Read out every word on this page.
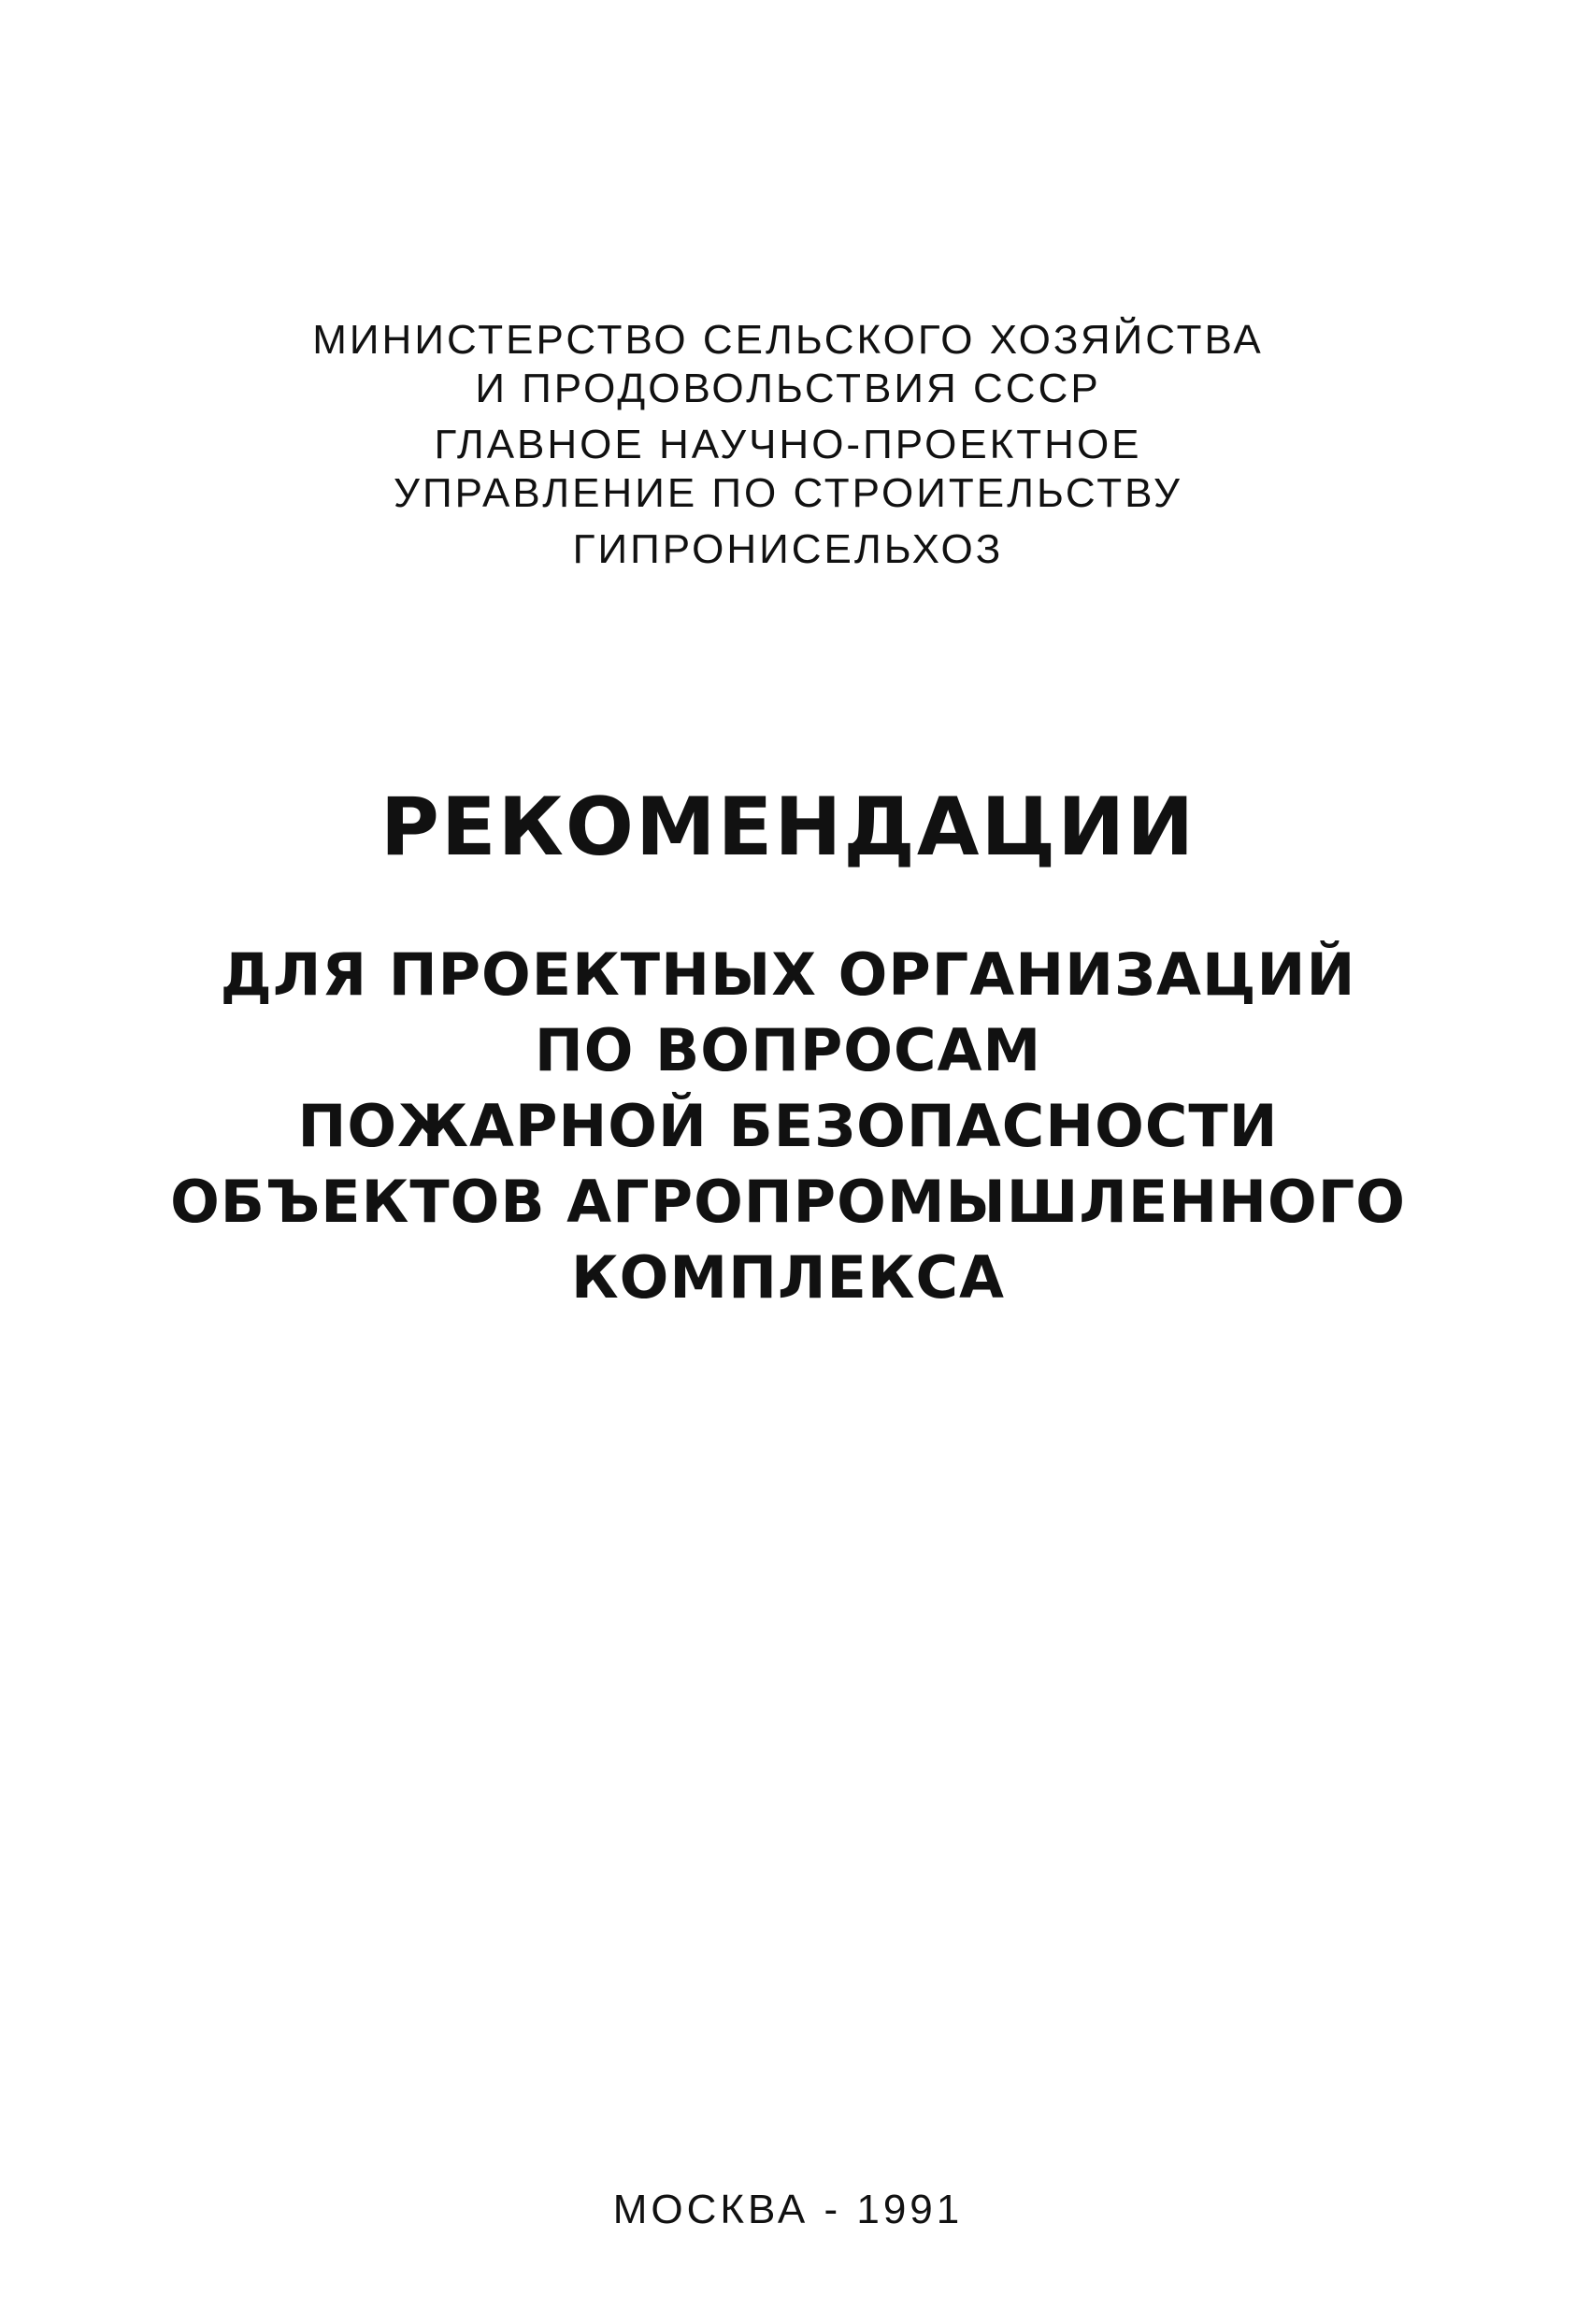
МИНИСТЕРСТВО СЕЛЬСКОГО ХОЗЯЙСТВА
И ПРОДОВОЛЬСТВИЯ СССР
ГЛАВНОЕ НАУЧНО-ПРОЕКТНОЕ
УПРАВЛЕНИЕ ПО СТРОИТЕЛЬСТВУ
ГИПРОНИСЕЛЬХОЗ
РЕКОМЕНДАЦИИ
ДЛЯ ПРОЕКТНЫХ ОРГАНИЗАЦИЙ
ПО ВОПРОСАМ
ПОЖАРНОЙ БЕЗОПАСНОСТИ
ОБЪЕКТОВ АГРОПРОМЫШЛЕННОГО
КОМПЛЕКСА
МОСКВА - 1991
